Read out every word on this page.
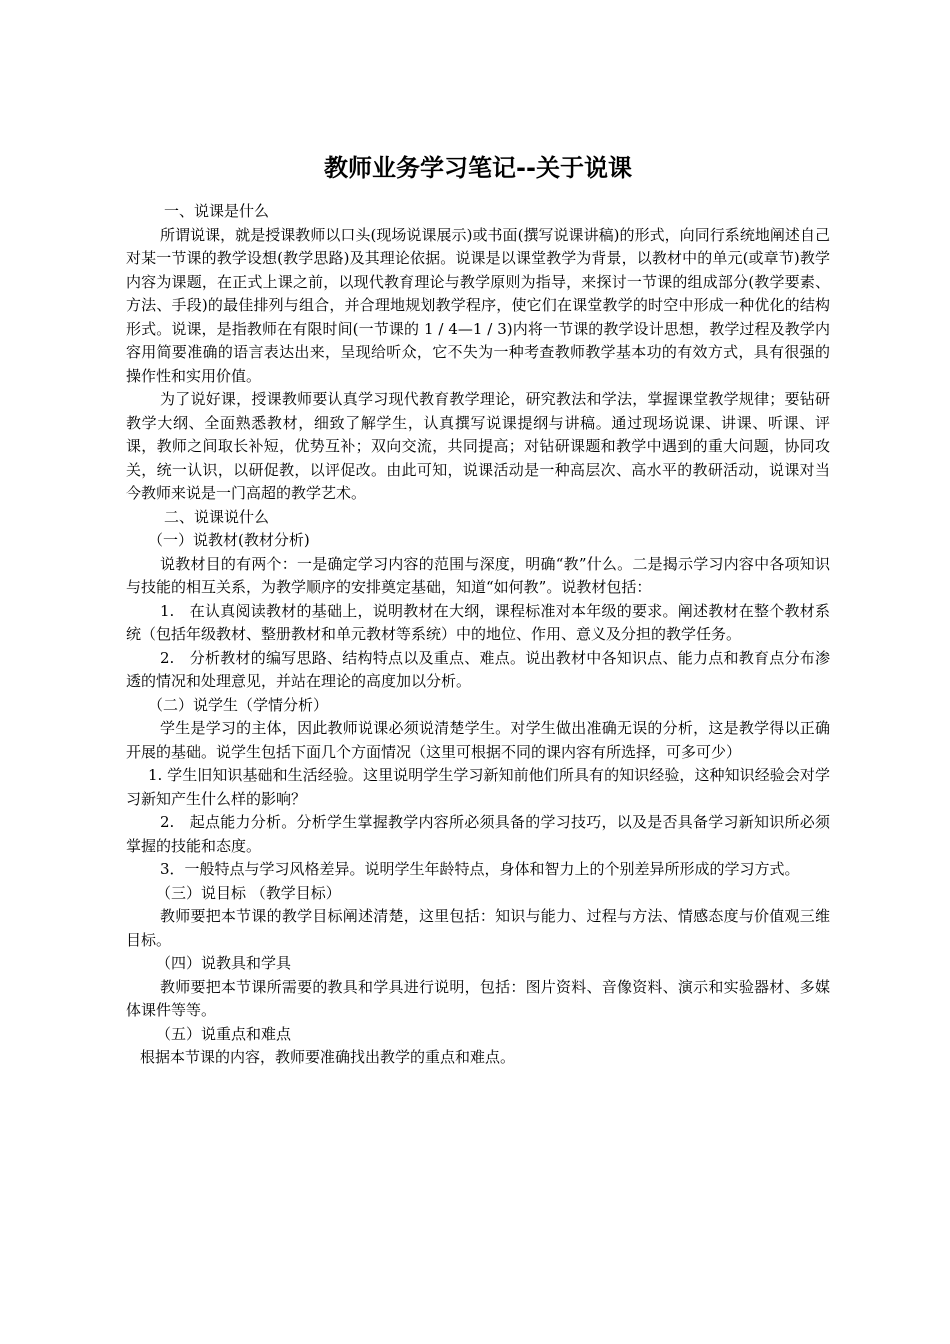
教师业务学习笔记--关于说课

一、说课是什么

所谓说课，就是授课教师以口头(现场说课展示)或书面(撰写说课讲稿)的形式，向同行系统地阐述自己对某一节课的教学设想(教学思路)及其理论依据。说课是以课堂教学为背景，以教材中的单元(或章节)教学内容为课题，在正式上课之前，以现代教育理论与教学原则为指导，来探讨一节课的组成部分(教学要素、方法、手段)的最佳排列与组合，并合理地规划教学程序，使它们在课堂教学的时空中形成一种优化的结构形式。说课，是指教师在有限时间(一节课的 1 / 4—1 / 3)内将一节课的教学设计思想，教学过程及教学内容用简要准确的语言表达出来，呈现给听众，它不失为一种考查教师教学基本功的有效方式，具有很强的操作性和实用价值。

为了说好课，授课教师要认真学习现代教育教学理论，研究教法和学法，掌握课堂教学规律；要钻研教学大纲、全面熟悉教材，细致了解学生，认真撰写说课提纲与讲稿。通过现场说课、讲课、听课、评课，教师之间取长补短，优势互补；双向交流，共同提高；对钻研课题和教学中遇到的重大问题，协同攻关，统一认识，以研促教，以评促改。由此可知，说课活动是一种高层次、高水平的教研活动，说课对当今教师来说是一门高超的教学艺术。

二、说课说什么

（一）说教材(教材分析)

说教材目的有两个：一是确定学习内容的范围与深度，明确“教”什么。二是揭示学习内容中各项知识与技能的相互关系，为教学顺序的安排奠定基础，知道“如何教”。说教材包括：

1.　在认真阅读教材的基础上，说明教材在大纲，课程标准对本年级的要求。阐述教材在整个教材系统（包括年级教材、整册教材和单元教材等系统）中的地位、作用、意义及分担的教学任务。

2.　分析教材的编写思路、结构特点以及重点、难点。说出教材中各知识点、能力点和教育点分布渗透的情况和处理意见，并站在理论的高度加以分析。

（二）说学生（学情分析）

学生是学习的主体，因此教师说课必须说清楚学生。对学生做出准确无误的分析，这是教学得以正确开展的基础。说学生包括下面几个方面情况（这里可根据不同的课内容有所选择，可多可少）

1. 学生旧知识基础和生活经验。这里说明学生学习新知前他们所具有的知识经验，这种知识经验会对学习新知产生什么样的影响？

2.　起点能力分析。分析学生掌握教学内容所必须具备的学习技巧，以及是否具备学习新知识所必须掌握的技能和态度。

3．一般特点与学习风格差异。说明学生年龄特点，身体和智力上的个别差异所形成的学习方式。

（三）说目标 （教学目标）

教师要把本节课的教学目标阐述清楚，这里包括：知识与能力、过程与方法、情感态度与价值观三维目标。

（四）说教具和学具

教师要把本节课所需要的教具和学具进行说明，包括：图片资料、音像资料、演示和实验器材、多媒体课件等等。

（五）说重点和难点

根据本节课的内容，教师要准确找出教学的重点和难点。
